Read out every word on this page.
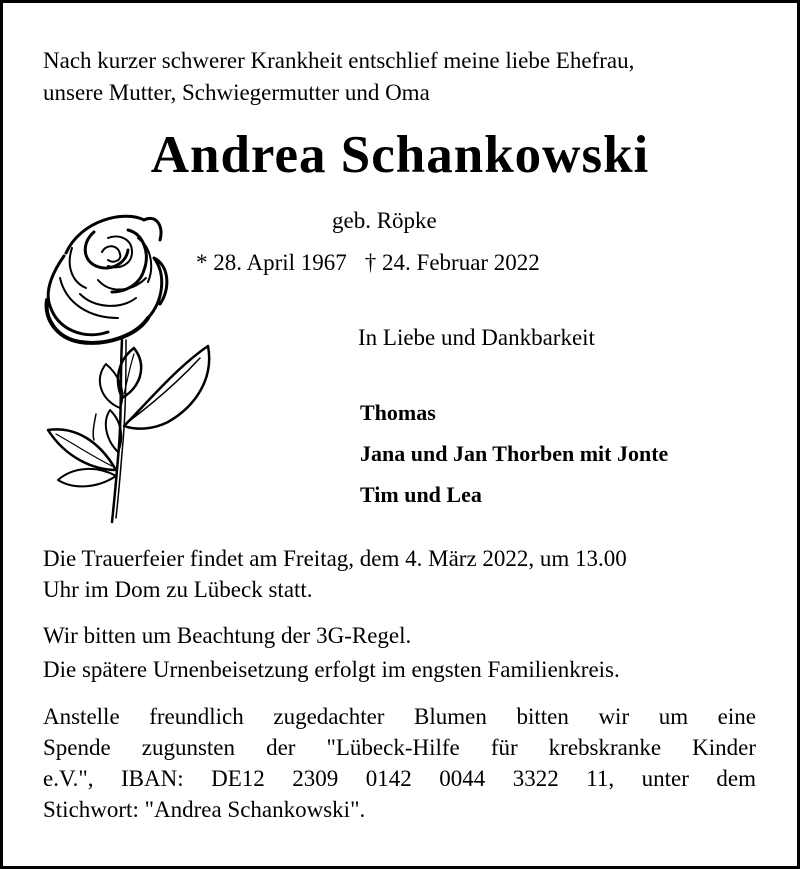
Nach kurzer schwerer Krankheit entschlief meine liebe Ehefrau,
unsere Mutter, Schwiegermutter und Oma
Andrea Schankowski
geb. Röpke
* 28. April 1967 † 24. Februar 2022
In Liebe und Dankbarkeit
Thomas
Jana und Jan Thorben mit Jonte
Tim und Lea
Die Trauerfeier findet am Freitag, dem 4. März 2022, um 13.00
Uhr im Dom zu Lübeck statt.
Wir bitten um Beachtung der 3G-Regel.
Die spätere Urnenbeisetzung erfolgt im engsten Familienkreis.
Anstelle freundlich zugedachter Blumen bitten wir um eine
Spende zugunsten der "Lübeck-Hilfe für krebskranke Kinder
e.V.", IBAN: DE12 2309 0142 0044 3322 11, unter dem
Stichwort: "Andrea Schankowski".
